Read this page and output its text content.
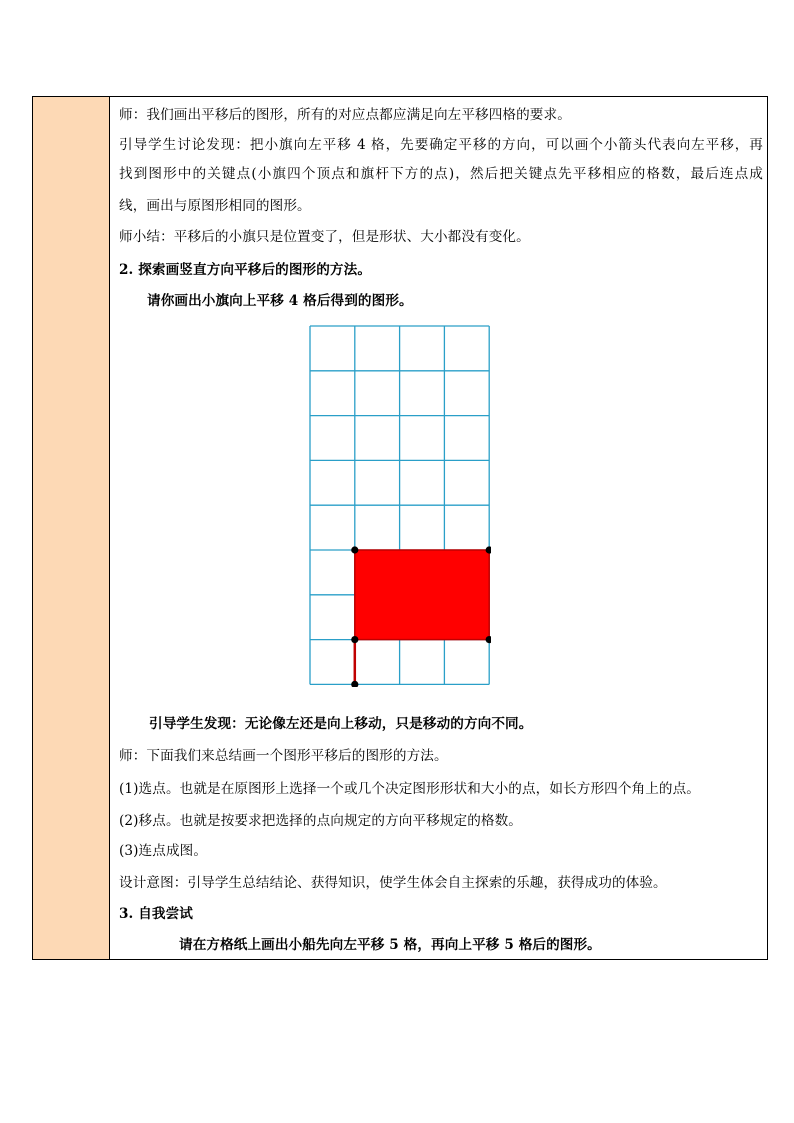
师：我们画出平移后的图形，所有的对应点都应满足向左平移四格的要求。
引导学生讨论发现：把小旗向左平移 4 格，先要确定平移的方向，可以画个小箭头代表向左平移，再
找到图形中的关键点(小旗四个顶点和旗杆下方的点)，然后把关键点先平移相应的格数，最后连点成
线，画出与原图形相同的图形。
师小结：平移后的小旗只是位置变了，但是形状、大小都没有变化。
2. 探索画竖直方向平移后的图形的方法。
请你画出小旗向上平移 4 格后得到的图形。
引导学生发现：无论像左还是向上移动，只是移动的方向不同。
师：下面我们来总结画一个图形平移后的图形的方法。
(1)选点。也就是在原图形上选择一个或几个决定图形形状和大小的点，如长方形四个角上的点。
(2)移点。也就是按要求把选择的点向规定的方向平移规定的格数。
(3)连点成图。
设计意图：引导学生总结结论、获得知识，使学生体会自主探索的乐趣，获得成功的体验。
3. 自我尝试
请在方格纸上画出小船先向左平移 5 格，再向上平移 5 格后的图形。
